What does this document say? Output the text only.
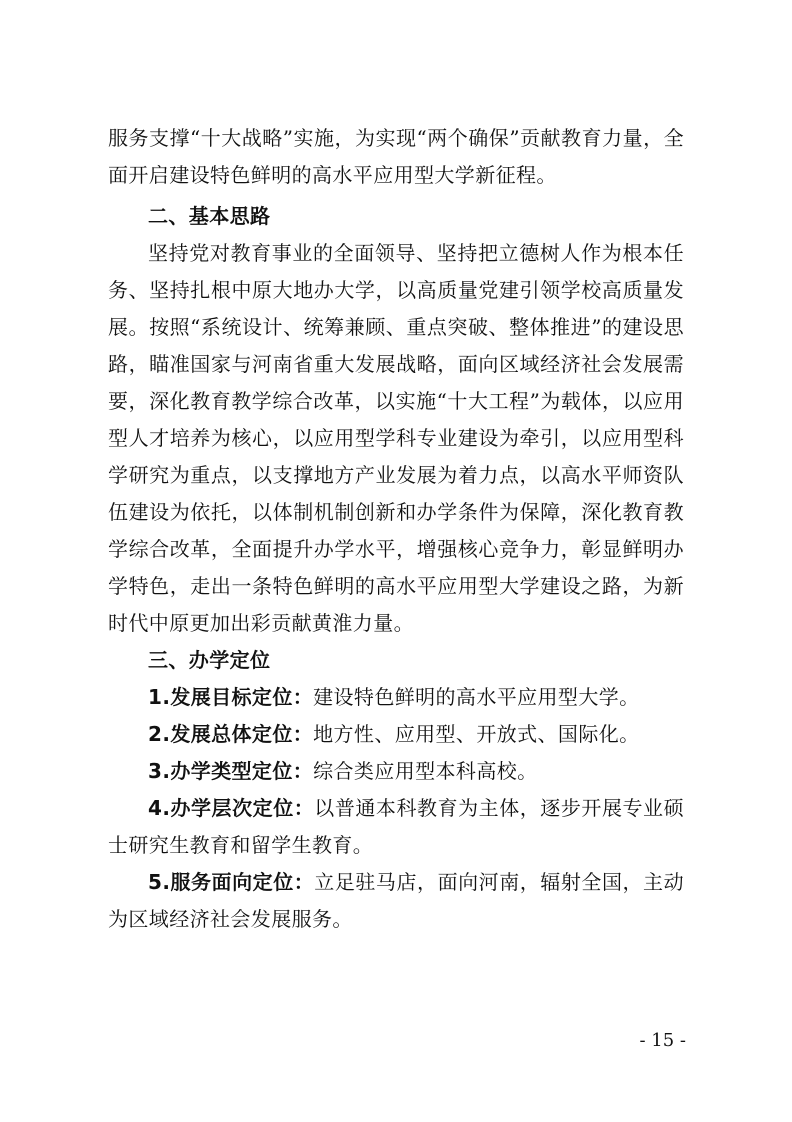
服务支撑“十大战略”实施，为实现“两个确保”贡献教育力量，全面开启建设特色鲜明的高水平应用型大学新征程。

二、基本思路

坚持党对教育事业的全面领导、坚持把立德树人作为根本任务、坚持扎根中原大地办大学，以高质量党建引领学校高质量发展。按照“系统设计、统筹兼顾、重点突破、整体推进”的建设思路，瞄准国家与河南省重大发展战略，面向区域经济社会发展需要，深化教育教学综合改革，以实施“十大工程”为载体，以应用型人才培养为核心，以应用型学科专业建设为牵引，以应用型科学研究为重点，以支撑地方产业发展为着力点，以高水平师资队伍建设为依托，以体制机制创新和办学条件为保障，深化教育教学综合改革，全面提升办学水平，增强核心竞争力，彰显鲜明办学特色，走出一条特色鲜明的高水平应用型大学建设之路，为新时代中原更加出彩贡献黄淮力量。

三、办学定位

1.发展目标定位：建设特色鲜明的高水平应用型大学。

2.发展总体定位：地方性、应用型、开放式、国际化。

3.办学类型定位：综合类应用型本科高校。

4.办学层次定位：以普通本科教育为主体，逐步开展专业硕士研究生教育和留学生教育。

5.服务面向定位：立足驻马店，面向河南，辐射全国，主动为区域经济社会发展服务。

- 15 -
